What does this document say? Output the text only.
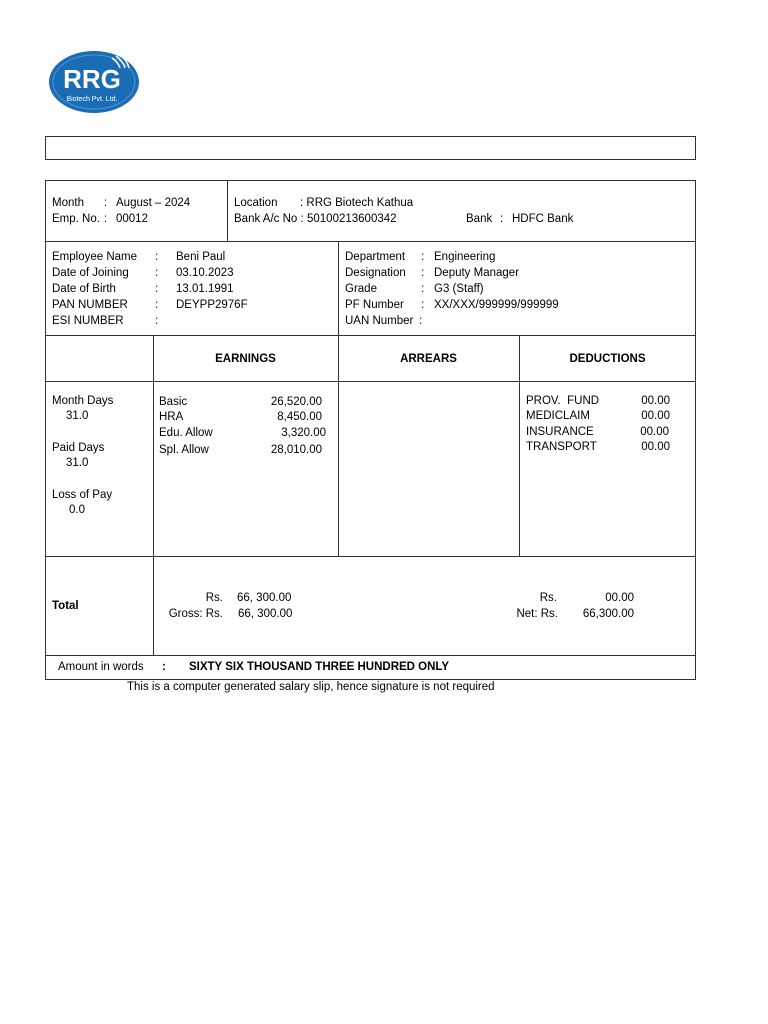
RRG
Biotech Pvt. Ltd.
Month : August – 2024
Emp. No. : 00012
Location : RRG Biotech Kathua
Bank A/c No : 50100213600342	Bank : HDFC Bank
Employee Name : Beni Paul
Date of Joining : 03.10.2023
Date of Birth	: 13.01.1991
PAN NUMBER : DEYPP2976F
ESI NUMBER	:
Department : Engineering
Designation : Deputy Manager
Grade	: G3 (Staff)
PF Number : XX/XXX/999999/999999
UAN Number :
EARNINGS	ARREARS	DEDUCTIONS
Month Days
31.0
Paid Days
31.0
Loss of Pay
0.0
Basic	26,520.00
HRA	8,450.00
Edu. Allow	3,320.00
Spl. Allow	28,010.00
PROV.  FUND	00.00
MEDICLAIM	00.00
INSURANCE	00.00
TRANSPORT	00.00
Total
Rs. 66, 300.00
Gross: Rs. 66, 300.00
Rs.	00.00
Net: Rs.	66,300.00
Amount in words : SIXTY SIX THOUSAND THREE HUNDRED ONLY
This is a computer generated salary slip, hence signature is not required
